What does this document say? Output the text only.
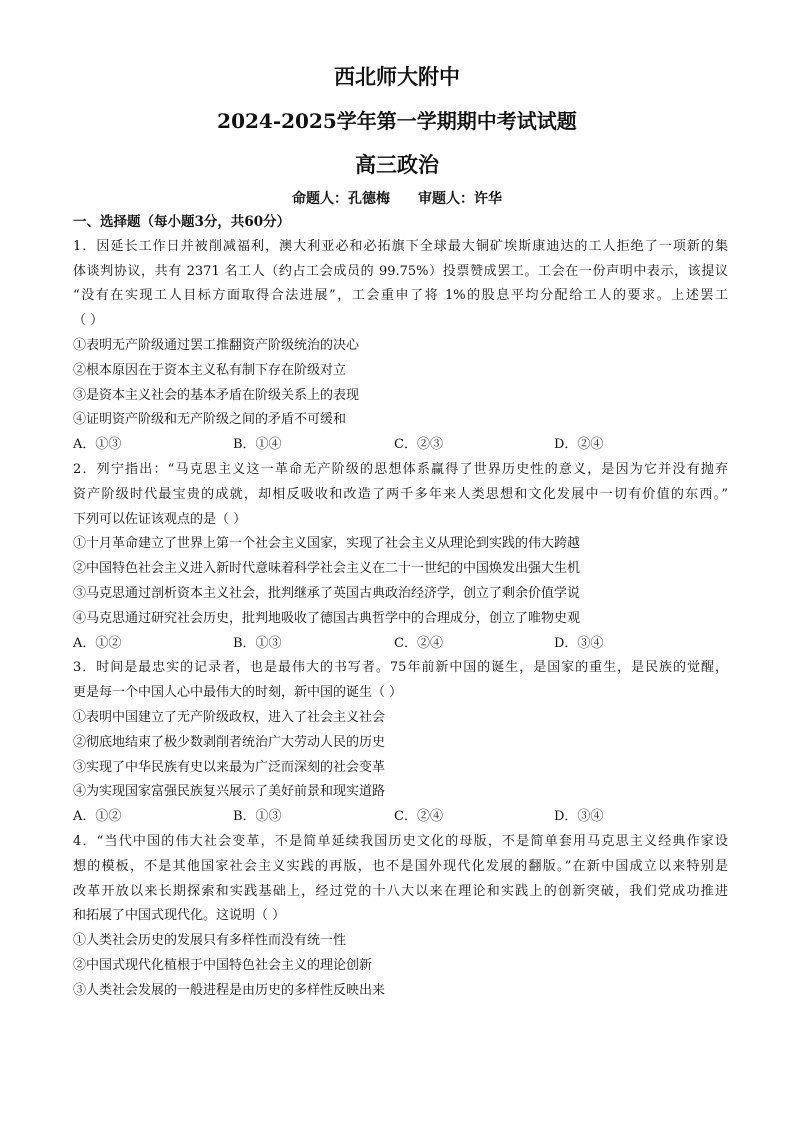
西北师大附中
2024-2025学年第一学期期中考试试题
高三政治
命题人：孔德梅 审题人：许华
一、选择题（每小题3分，共60分）
1．因延长工作日并被削减福利，澳大利亚必和必拓旗下全球最大铜矿埃斯康迪达的工人拒绝了一项新的集
体谈判协议，共有 2371 名工人（约占工会成员的 99.75%）投票赞成罢工。工会在一份声明中表示，该提议
“没有在实现工人目标方面取得合法进展”，工会重申了将 1%的股息平均分配给工人的要求。上述罢工
（ ）
①表明无产阶级通过罢工推翻资产阶级统治的决心
②根本原因在于资本主义私有制下存在阶级对立
③是资本主义社会的基本矛盾在阶级关系上的表现
④证明资产阶级和无产阶级之间的矛盾不可缓和
A．①③	B．①④	C．②③	D．②④
2．列宁指出：“马克思主义这一革命无产阶级的思想体系赢得了世界历史性的意义，是因为它并没有抛弃
资产阶级时代最宝贵的成就，却相反吸收和改造了两千多年来人类思想和文化发展中一切有价值的东西。”
下列可以佐证该观点的是（ ）
①十月革命建立了世界上第一个社会主义国家，实现了社会主义从理论到实践的伟大跨越
②中国特色社会主义进入新时代意味着科学社会主义在二十一世纪的中国焕发出强大生机
③马克思通过剖析资本主义社会，批判继承了英国古典政治经济学，创立了剩余价值学说
④马克思通过研究社会历史，批判地吸收了德国古典哲学中的合理成分，创立了唯物史观
A．①②	B．①③	C．②④	D．③④
3．时间是最忠实的记录者，也是最伟大的书写者。75年前新中国的诞生，是国家的重生，是民族的觉醒，
更是每一个中国人心中最伟大的时刻，新中国的诞生（ ）
①表明中国建立了无产阶级政权，进入了社会主义社会
②彻底地结束了极少数剥削者统治广大劳动人民的历史
③实现了中华民族有史以来最为广泛而深刻的社会变革
④为实现国家富强民族复兴展示了美好前景和现实道路
A．①②	B．①③	C．②④	D．③④
4．“当代中国的伟大社会变革，不是简单延续我国历史文化的母版，不是简单套用马克思主义经典作家设
想的模板，不是其他国家社会主义实践的再版，也不是国外现代化发展的翻版。”在新中国成立以来特别是
改革开放以来长期探索和实践基础上，经过党的十八大以来在理论和实践上的创新突破，我们党成功推进
和拓展了中国式现代化。这说明（ ）
①人类社会历史的发展只有多样性而没有统一性
②中国式现代化植根于中国特色社会主义的理论创新
③人类社会发展的一般进程是由历史的多样性反映出来
